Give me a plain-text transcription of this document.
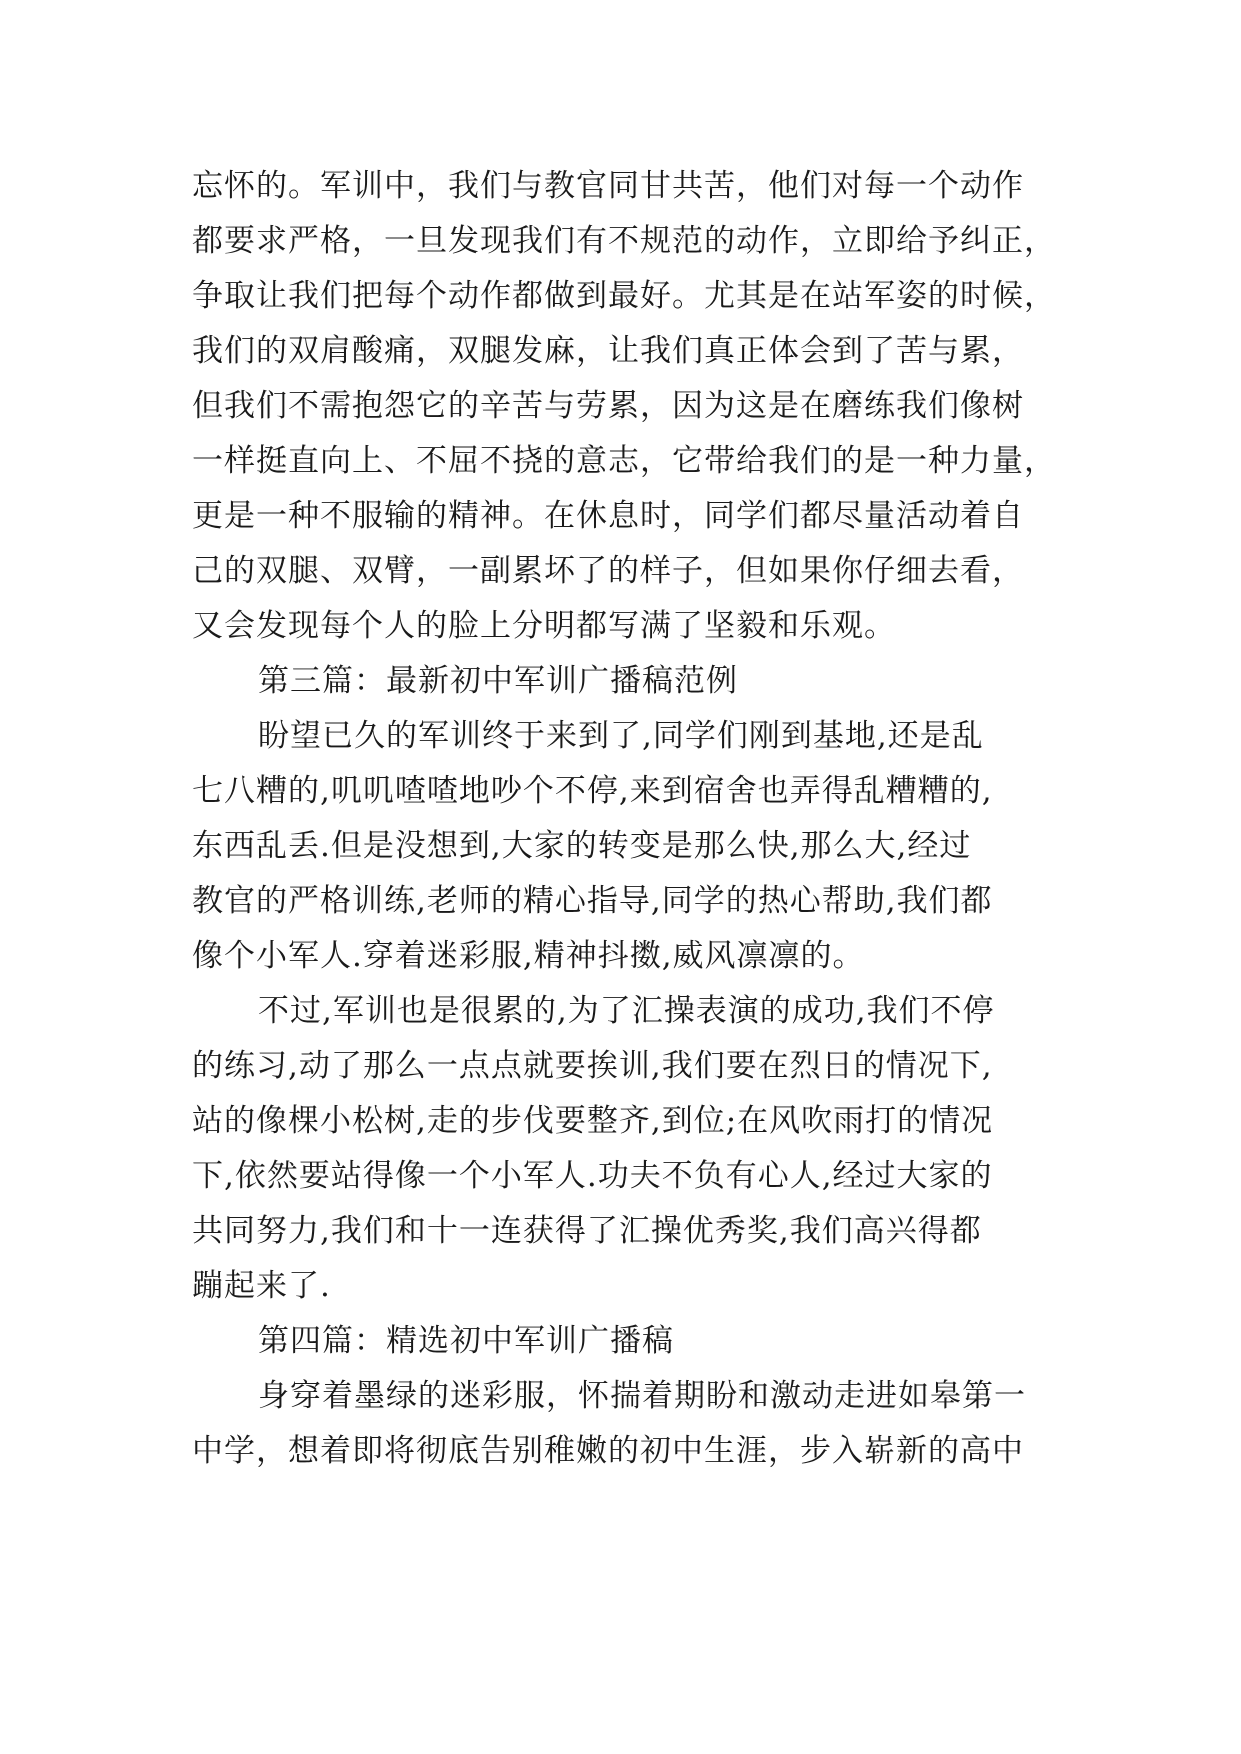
忘怀的。军训中，我们与教官同甘共苦，他们对每一个动作
都要求严格，一旦发现我们有不规范的动作，立即给予纠正，
争取让我们把每个动作都做到最好。尤其是在站军姿的时候，
我们的双肩酸痛，双腿发麻，让我们真正体会到了苦与累，
但我们不需抱怨它的辛苦与劳累，因为这是在磨练我们像树
一样挺直向上、不屈不挠的意志，它带给我们的是一种力量，
更是一种不服输的精神。在休息时，同学们都尽量活动着自
己的双腿、双臂，一副累坏了的样子，但如果你仔细去看，
又会发现每个人的脸上分明都写满了坚毅和乐观。
第三篇：最新初中军训广播稿范例
盼望已久的军训终于来到了,同学们刚到基地,还是乱
七八糟的,叽叽喳喳地吵个不停,来到宿舍也弄得乱糟糟的,
东西乱丢.但是没想到,大家的转变是那么快,那么大,经过
教官的严格训练,老师的精心指导,同学的热心帮助,我们都
像个小军人.穿着迷彩服,精神抖擞,威风凛凛的。
不过,军训也是很累的,为了汇操表演的成功,我们不停
的练习,动了那么一点点就要挨训,我们要在烈日的情况下,
站的像棵小松树,走的步伐要整齐,到位;在风吹雨打的情况
下,依然要站得像一个小军人.功夫不负有心人,经过大家的
共同努力,我们和十一连获得了汇操优秀奖,我们高兴得都
蹦起来了.
第四篇：精选初中军训广播稿
身穿着墨绿的迷彩服，怀揣着期盼和激动走进如皋第一
中学，想着即将彻底告别稚嫩的初中生涯，步入崭新的高中
